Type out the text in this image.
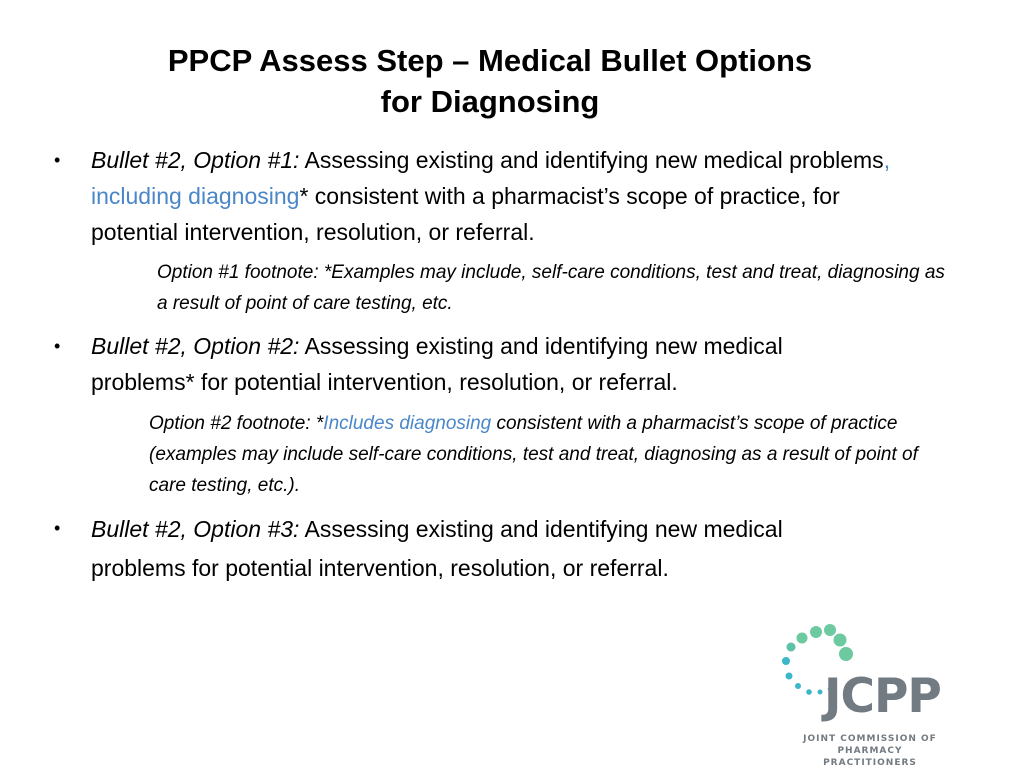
PPCP Assess Step – Medical Bullet Options
for Diagnosing
• Bullet #2, Option #1: Assessing existing and identifying new medical problems, including diagnosing* consistent with a pharmacist’s scope of practice, for potential intervention, resolution, or referral.
Option #1 footnote: *Examples may include, self-care conditions, test and treat, diagnosing as a result of point of care testing, etc.
• Bullet #2, Option #2: Assessing existing and identifying new medical problems* for potential intervention, resolution, or referral.
Option #2 footnote: *Includes diagnosing consistent with a pharmacist’s scope of practice (examples may include self-care conditions, test and treat, diagnosing as a result of point of care testing, etc.).
• Bullet #2, Option #3: Assessing existing and identifying new medical problems for potential intervention, resolution, or referral.
JCPP
JOINT COMMISSION OF
PHARMACY PRACTITIONERS
